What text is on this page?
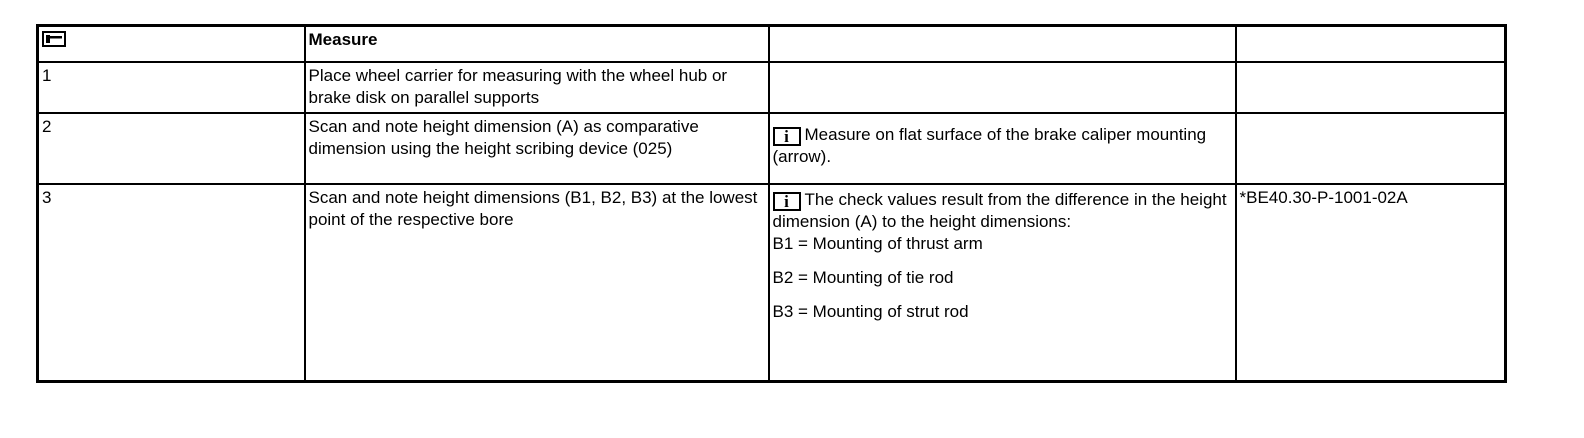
	Measure		
1	Place wheel carrier for measuring with the wheel hub or brake disk on parallel supports		
2	Scan and note height dimension (A) as comparative dimension using the height scribing device (025)	i Measure on flat surface of the brake caliper mounting (arrow).	

3	Scan and note height dimensions (B1, B2, B3) at the lowest point of the respective bore	i The check values result from the difference in the height dimension (A) to the height dimensions:
B1 = Mounting of thrust arm

B2 = Mounting of tie rod

B3 = Mounting of strut rod	*BE40.30-P-1001-02A
